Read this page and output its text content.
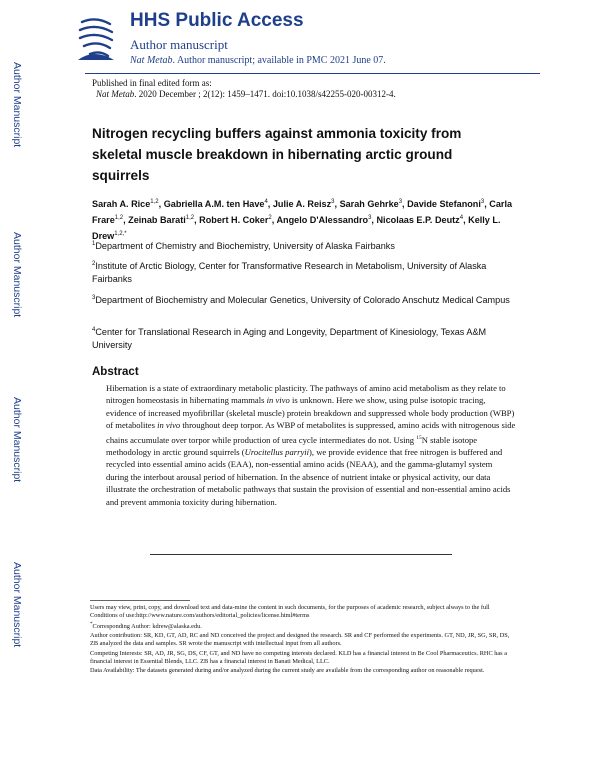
Author Manuscript
Author Manuscript
Author Manuscript
Author Manuscript
HHS Public Access
Author manuscript
Nat Metab. Author manuscript; available in PMC 2021 June 07.
Published in final edited form as:
Nat Metab. 2020 December ; 2(12): 1459–1471. doi:10.1038/s42255-020-00312-4.
Nitrogen recycling buffers against ammonia toxicity from skeletal muscle breakdown in hibernating arctic ground squirrels
Sarah A. Rice$^{1,2}$, Gabriella A.M. ten Have$^4$, Julie A. Reisz$^3$, Sarah Gehrke$^3$, Davide Stefanoni$^3$, Carla Frare$^{1,2}$, Zeinab Barati$^{1,2}$, Robert H. Coker$^2$, Angelo D'Alessandro$^3$, Nicolaas E.P. Deutz$^4$, Kelly L. Drew$^{1,2,*}$
$^1$Department of Chemistry and Biochemistry, University of Alaska Fairbanks
$^2$Institute of Arctic Biology, Center for Transformative Research in Metabolism, University of Alaska Fairbanks
$^3$Department of Biochemistry and Molecular Genetics, University of Colorado Anschutz Medical Campus
$^4$Center for Translational Research in Aging and Longevity, Department of Kinesiology, Texas A&M University
Abstract

Hibernation is a state of extraordinary metabolic plasticity. The pathways of amino acid metabolism as they relate to nitrogen homeostasis in hibernating mammals in vivo is unknown. Here we show, using pulse isotopic tracing, evidence of increased myofibrillar (skeletal muscle) protein breakdown and suppressed whole body production (WBP) of metabolites in vivo throughout deep torpor. As WBP of metabolites is suppressed, amino acids with nitrogenous side chains accumulate over torpor while production of urea cycle intermediates do not. Using $^{15}$N stable isotope methodology in arctic ground squirrels (Urocitellus parryii), we provide evidence that free nitrogen is buffered and recycled into essential amino acids (EAA), non-essential amino acids (NEAA), and the gamma-glutamyl system during the interbout arousal period of hibernation. In the absence of nutrient intake or physical activity, our data illustrate the orchestration of metabolic pathways that sustain the provision of essential and non-essential amino acids and prevent ammonia toxicity during hibernation.

Users may view, print, copy, and download text and data-mine the content in such documents, for the purposes of academic research, subject always to the full Conditions of use:http://www.nature.com/authors/editorial_policies/license.html#terms

*Corresponding Author: kdrew@alaska.edu.

Author contribution: SR, KD, GT, AD, RC and ND conceived the project and designed the research. SR and CF performed the experiments. GT, ND, JR, SG, SR, DS, ZB analyzed the data and samples. SR wrote the manuscript with intellectual input from all authors.

Competing Interests: SR, AD, JR, SG, DS, CF, GT, and ND have no competing interests declared. KLD has a financial interest in Be Cool Pharmaceutics. RHC has a financial interest in Essential Blends, LLC. ZB has a financial interest in Banati Medical, LLC.

Data Availability: The datasets generated during and/or analyzed during the current study are available from the corresponding author on reasonable request.
